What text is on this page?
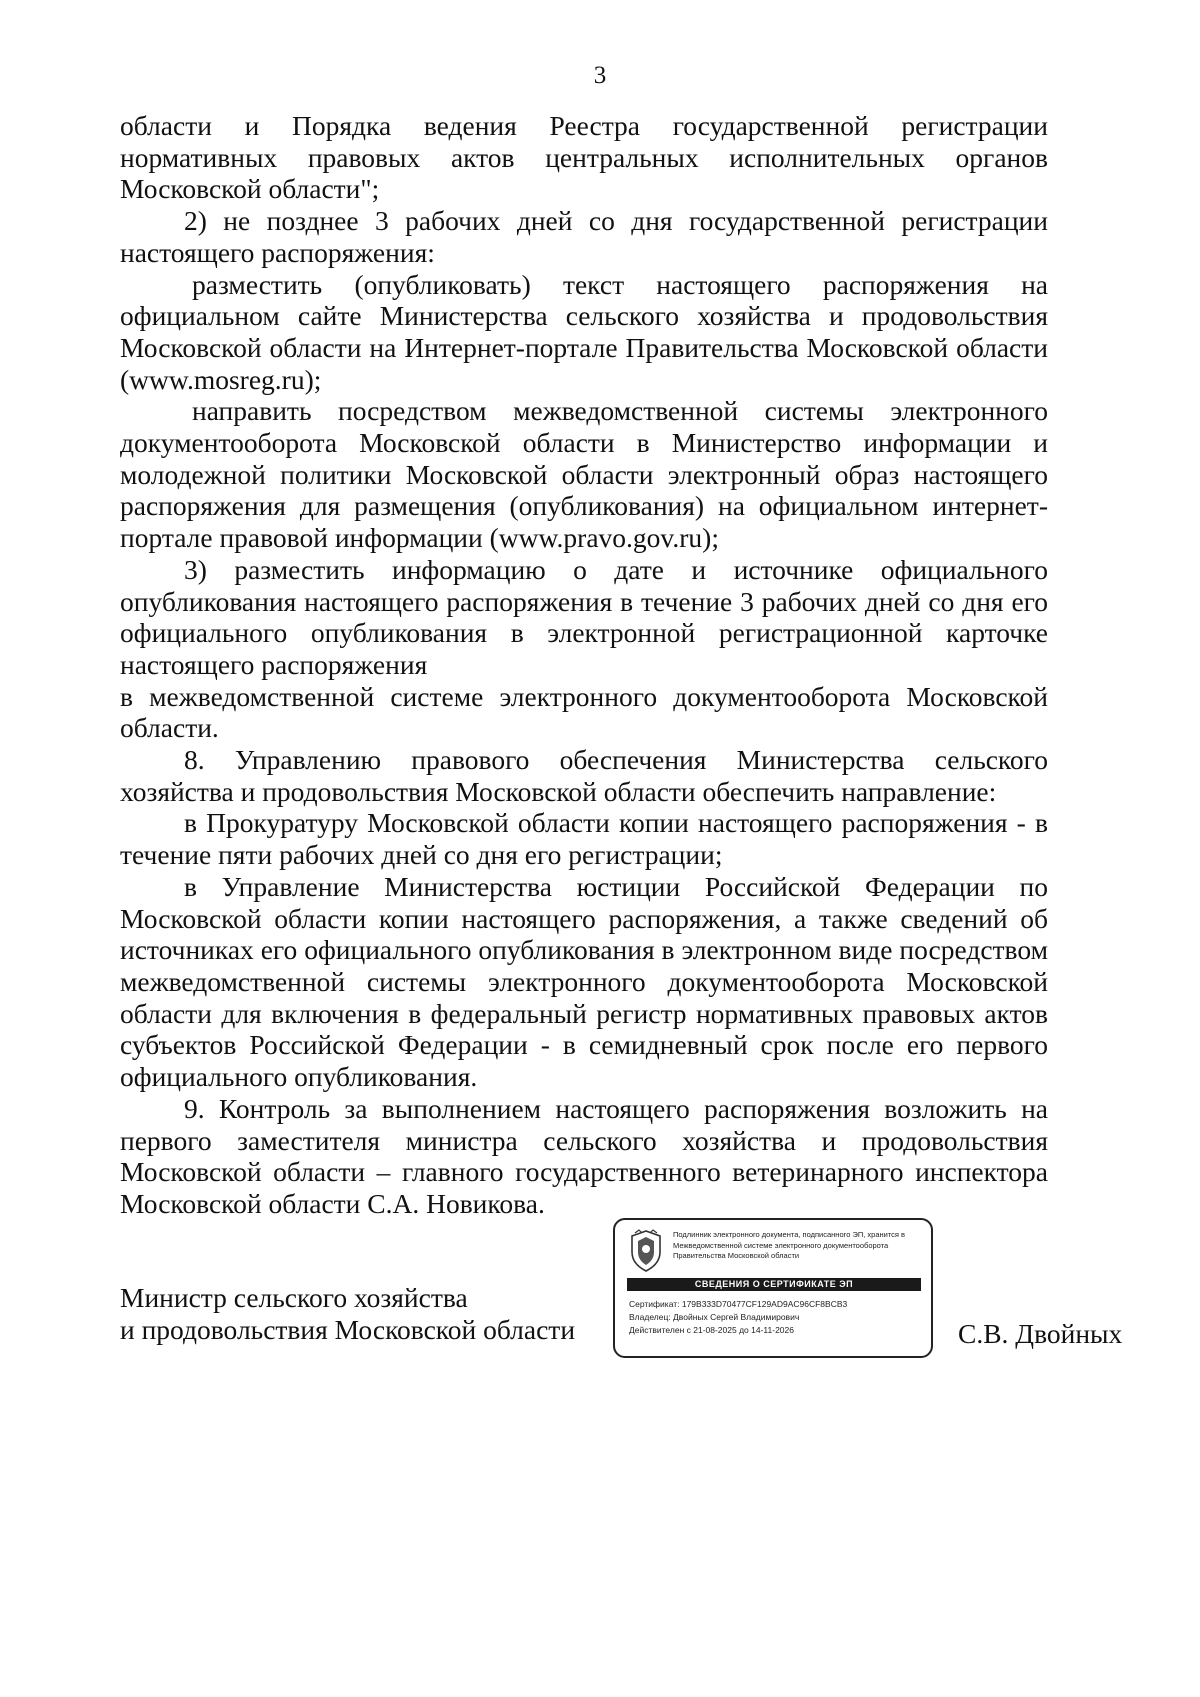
3

области и Порядка ведения Реестра государственной регистрации нормативных правовых актов центральных исполнительных органов Московской области";

2) не позднее 3 рабочих дней со дня государственной регистрации настоящего распоряжения:

разместить (опубликовать) текст настоящего распоряжения на официальном сайте Министерства сельского хозяйства и продовольствия Московской области на Интернет-портале Правительства Московской области (www.mosreg.ru);

направить посредством межведомственной системы электронного документооборота Московской области в Министерство информации и молодежной политики Московской области электронный образ настоящего распоряжения для размещения (опубликования) на официальном интернет-портале правовой информации (www.pravo.gov.ru);

3) разместить информацию о дате и источнике официального опубликования настоящего распоряжения в течение 3 рабочих дней со дня его официального опубликования в электронной регистрационной карточке настоящего распоряжения

в межведомственной системе электронного документооборота Московской области.

8. Управлению правового обеспечения Министерства сельского хозяйства и продовольствия Московской области обеспечить направление:

в Прокуратуру Московской области копии настоящего распоряжения - в течение пяти рабочих дней со дня его регистрации;

в Управление Министерства юстиции Российской Федерации по Московской области копии настоящего распоряжения, а также сведений об источниках его официального опубликования в электронном виде посредством межведомственной системы электронного документооборота Московской области для включения в федеральный регистр нормативных правовых актов субъектов Российской Федерации - в семидневный срок после его первого официального опубликования.

9. Контроль за выполнением настоящего распоряжения возложить на первого заместителя министра сельского хозяйства и продовольствия Московской области – главного государственного ветеринарного инспектора Московской области С.А. Новикова.

Министр сельского хозяйства
и продовольствия Московской области
Подлинник электронного документа, подписанного ЭП, хранится в Межведомственной системе электронного документооборота Правительства Московской области
СВЕДЕНИЯ О СЕРТИФИКАТЕ ЭП
Сертификат: 179B333D70477CF129AD9AC96CF8BCB3
Владелец: Двойных Сергей Владимирович
Действителен с 21-08-2025 до 14-11-2026	С.В. Двойных
